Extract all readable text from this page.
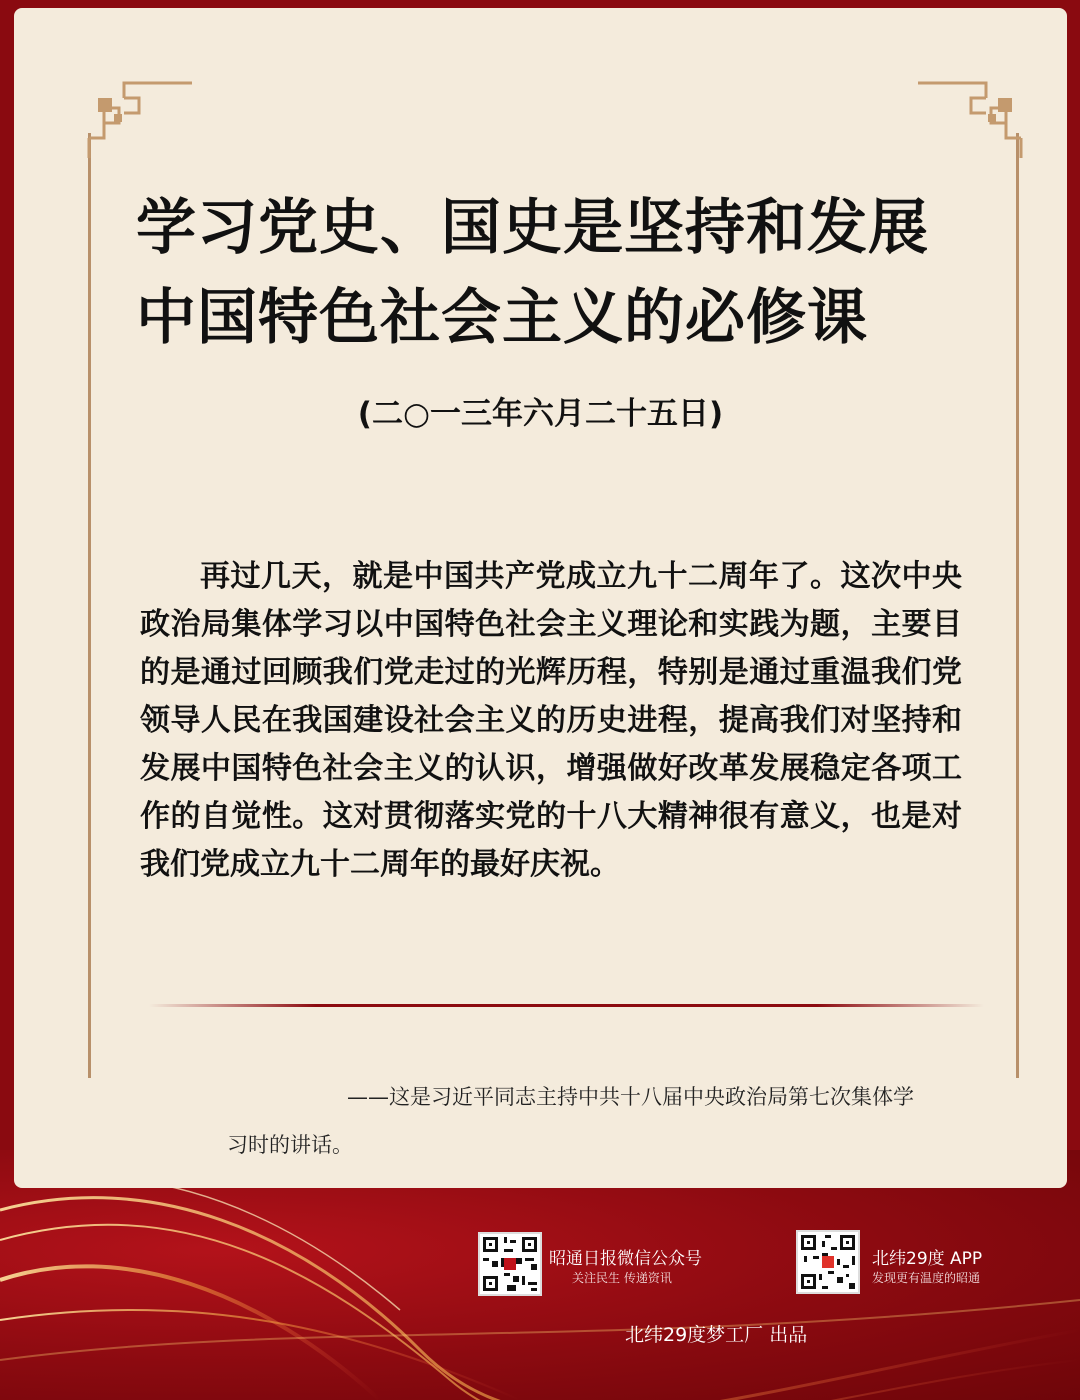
学习党史、国史是坚持和发展
中国特色社会主义的必修课
(二○一三年六月二十五日)

再过几天，就是中国共产党成立九十二周年了。这次中央政治局集体学习以中国特色社会主义理论和实践为题，主要目的是通过回顾我们党走过的光辉历程，特别是通过重温我们党领导人民在我国建设社会主义的历史进程，提高我们对坚持和发展中国特色社会主义的认识，增强做好改革发展稳定各项工作的自觉性。这对贯彻落实党的十八大精神很有意义，也是对我们党成立九十二周年的最好庆祝。

——这是习近平同志主持中共十八届中央政治局第七次集体学习时的讲话。

昭通日报微信公众号
关注民生 传递资讯
北纬29度 APP
发现更有温度的昭通
北纬29度梦工厂 出品
